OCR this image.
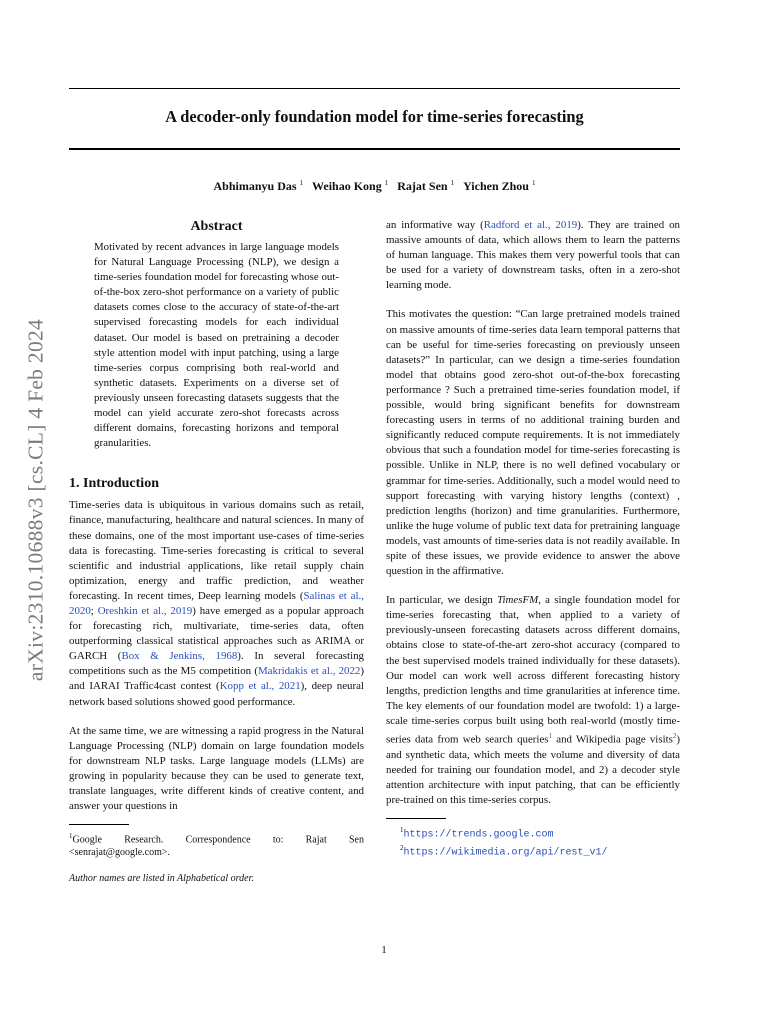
A decoder-only foundation model for time-series forecasting
Abhimanyu Das $^1$ Weihao Kong $^1$ Rajat Sen $^1$ Yichen Zhou $^1$
arXiv:2310.10688v3 [cs.CL] 4 Feb 2024
Abstract

Motivated by recent advances in large language models for Natural Language Processing (NLP), we design a time-series foundation model for forecasting whose out-of-the-box zero-shot performance on a variety of public datasets comes close to the accuracy of state-of-the-art supervised forecasting models for each individual dataset. Our model is based on pretraining a decoder style attention model with input patching, using a large time-series corpus comprising both real-world and synthetic datasets. Experiments on a diverse set of previously unseen forecasting datasets suggests that the model can yield accurate zero-shot forecasts across different domains, forecasting horizons and temporal granularities.

1. Introduction

Time-series data is ubiquitous in various domains such as retail, finance, manufacturing, healthcare and natural sciences. In many of these domains, one of the most important use-cases of time-series data is forecasting. Time-series forecasting is critical to several scientific and industrial applications, like retail supply chain optimization, energy and traffic prediction, and weather forecasting. In recent times, Deep learning models (Salinas et al., 2020; Oreshkin et al., 2019) have emerged as a popular approach for forecasting rich, multivariate, time-series data, often outperforming classical statistical approaches such as ARIMA or GARCH (Box & Jenkins, 1968). In several forecasting competitions such as the M5 competition (Makridakis et al., 2022) and IARAI Traffic4cast contest (Kopp et al., 2021), deep neural network based solutions showed good performance.

At the same time, we are witnessing a rapid progress in the Natural Language Processing (NLP) domain on large foundation models for downstream NLP tasks. Large language models (LLMs) are growing in popularity because they can be used to generate text, translate languages, write different kinds of creative content, and answer your questions in

$^1$Google Research. Correspondence to: Rajat Sen <senrajat@google.com>.

Author names are listed in Alphabetical order.

an informative way (Radford et al., 2019). They are trained on massive amounts of data, which allows them to learn the patterns of human language. This makes them very powerful tools that can be used for a variety of downstream tasks, often in a zero-shot learning mode.

This motivates the question: “Can large pretrained models trained on massive amounts of time-series data learn temporal patterns that can be useful for time-series forecasting on previously unseen datasets?” In particular, can we design a time-series foundation model that obtains good zero-shot out-of-the-box forecasting performance ? Such a pretrained time-series foundation model, if possible, would bring significant benefits for downstream forecasting users in terms of no additional training burden and significantly reduced compute requirements. It is not immediately obvious that such a foundation model for time-series forecasting is possible. Unlike in NLP, there is no well defined vocabulary or grammar for time-series. Additionally, such a model would need to support forecasting with varying history lengths (context) , prediction lengths (horizon) and time granularities. Furthermore, unlike the huge volume of public text data for pretraining language models, vast amounts of time-series data is not readily available. In spite of these issues, we provide evidence to answer the above question in the affirmative.

In particular, we design TimesFM, a single foundation model for time-series forecasting that, when applied to a variety of previously-unseen forecasting datasets across different domains, obtains close to state-of-the-art zero-shot accuracy (compared to the best supervised models trained individually for these datasets). Our model can work well across different forecasting history lengths, prediction lengths and time granularities at inference time. The key elements of our foundation model are twofold: 1) a large-scale time-series corpus built using both real-world (mostly time-series data from web search queries$^1$ and Wikipedia page visits$^2$) and synthetic data, which meets the volume and diversity of data needed for training our foundation model, and 2) a decoder style attention architecture with input patching, that can be efficiently pre-trained on this time-series corpus.

$^1$https://trends.google.com

$^2$https://wikimedia.org/api/rest_v1/

1
